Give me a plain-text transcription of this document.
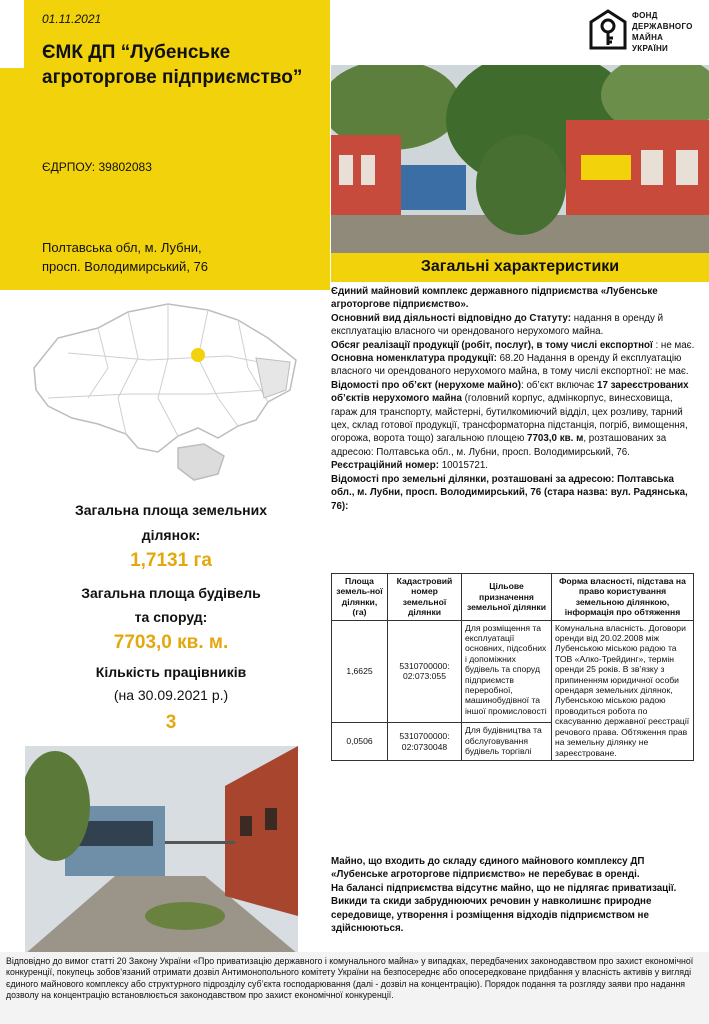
01.11.2021
ЄМК ДП “Лубенське
агроторгове підприємство”
ЄДРПОУ: 39802083
Полтавська обл, м. Лубни,
просп. Володимирський, 76
ФОНД
ДЕРЖАВНОГО
МАЙНА
УКРАЇНИ
Загальні характеристики
Загальна площа земельних
ділянок:
1,7131 га
Загальна площа будівель
та споруд:
7703,0 кв. м.
Кількість працівників
(на 30.09.2021 р.)
3
Єдиний майновий комплекс державного підприємства «Лубенське агроторгове підприємство».
Основний вид діяльності відповідно до Статуту: надання в оренду й експлуатацію власного чи орендованого нерухомого майна.
Обсяг реалізації продукції (робіт, послуг), в тому числі експортної : не має.
Основна номенклатура продукції: 68.20 Надання в оренду й експлуатацію власного чи орендованого нерухомого майна, в тому числі експортної: не має.
Відомості про об’єкт (нерухоме майно): об’єкт включає 17 зареєстрованих об’єктів нерухомого майна (головний корпус, адмінкорпус, винесховища, гараж для транспорту, майстерні, бутилкомиючий відділ, цех розливу, тарний цех, склад готової продукції, трансформаторна підстанція, погріб, вимощення, огорожа, ворота тощо) загальною площею 7703,0 кв. м, розташованих за адресою: Полтавська обл., м. Лубни, просп. Володимирський, 76.
Реєстраційний номер: 10015721.
Відомості про земельні ділянки, розташовані за адресою: Полтавська обл., м. Лубни, просп. Володимирський, 76 (стара назва: вул. Радянська, 76):
Площа земель-ної ділянки, (га)	Кадастровий номер земельної ділянки	Цільове призначення земельної ділянки	Форма власності, підстава на право користування земельною ділянкою, інформація про обтяження
1,6625	5310700000: 02:073:055	Для розміщення та експлуатації основних, підсобних і допоміжних будівель та споруд підприємств переробної, машинобудівної та іншої промисловості	Комунальна власність. Договори оренди від 20.02.2008 між Лубенською міською радою та ТОВ «Алко-Трейдинг», термін оренди 25 років. В зв’язку з припиненням юридичної особи орендаря земельних ділянок, Лубенською міською радою проводиться робота по скасуванню державної реєстрації речового права. Обтяження прав на земельну ділянку не зареєстроване.
0,0506	5310700000: 02:0730048	Для будівництва та обслуговування будівель торгівлі	
Майно, що входить до складу єдиного майнового комплексу ДП «Лубенське агроторгове підприємство» не перебуває в оренді.
На балансі підприємства відсутнє майно, що не підлягає приватизації.
Викиди та скиди забруднюючих речовин у навколишнє природне середовище, утворення і розміщення відходів підприємством не здійснюються.
Відповідно до вимог статті 20 Закону України «Про приватизацію державного і комунального майна» у випадках, передбачених законодавством про захист економічної конкуренції, покупець зобов’язаний отримати дозвіл Антимонопольного комітету України на безпосереднє або опосередковане придбання у власність активів у вигляді єдиного майнового комплексу або структурного підрозділу суб’єкта господарювання (далі - дозвіл на концентрацію). Порядок подання та розгляду заяви про надання дозволу на концентрацію встановлюється законодавством про захист економічної конкуренції.
